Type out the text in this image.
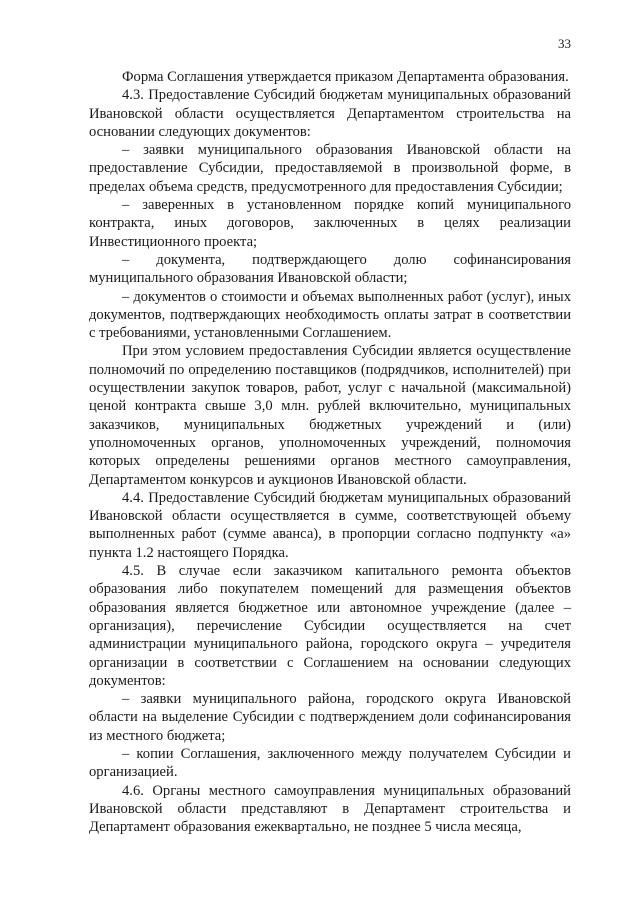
33

Форма Соглашения утверждается приказом Департамента образования.

4.3. Предоставление Субсидий бюджетам муниципальных образований Ивановской области осуществляется Департаментом строительства на основании следующих документов:

– заявки муниципального образования Ивановской области на предоставление Субсидии, предоставляемой в произвольной форме, в пределах объема средств, предусмотренного для предоставления Субсидии;

– заверенных в установленном порядке копий муниципального контракта, иных договоров, заключенных в целях реализации Инвестиционного проекта;

– документа, подтверждающего долю софинансирования муниципального образования Ивановской области;

– документов о стоимости и объемах выполненных работ (услуг), иных документов, подтверждающих необходимость оплаты затрат в соответствии с требованиями, установленными Соглашением.

При этом условием предоставления Субсидии является осуществление полномочий по определению поставщиков (подрядчиков, исполнителей) при осуществлении закупок товаров, работ, услуг с начальной (максимальной) ценой контракта свыше 3,0 млн. рублей включительно, муниципальных заказчиков, муниципальных бюджетных учреждений и (или) уполномоченных органов, уполномоченных учреждений, полномочия которых определены решениями органов местного самоуправления, Департаментом конкурсов и аукционов Ивановской области.

4.4. Предоставление Субсидий бюджетам муниципальных образований Ивановской области осуществляется в сумме, соответствующей объему выполненных работ (сумме аванса), в пропорции согласно подпункту «а» пункта 1.2 настоящего Порядка.

4.5. В случае если заказчиком капитального ремонта объектов образования либо покупателем помещений для размещения объектов образования является бюджетное или автономное учреждение (далее – организация), перечисление Субсидии осуществляется на счет администрации муниципального района, городского округа – учредителя организации в соответствии с Соглашением на основании следующих документов:

– заявки муниципального района, городского округа Ивановской области на выделение Субсидии с подтверждением доли софинансирования из местного бюджета;

– копии Соглашения, заключенного между получателем Субсидии и организацией.

4.6. Органы местного самоуправления муниципальных образований Ивановской области представляют в Департамент строительства и Департамент образования ежеквартально, не позднее 5 числа месяца,
